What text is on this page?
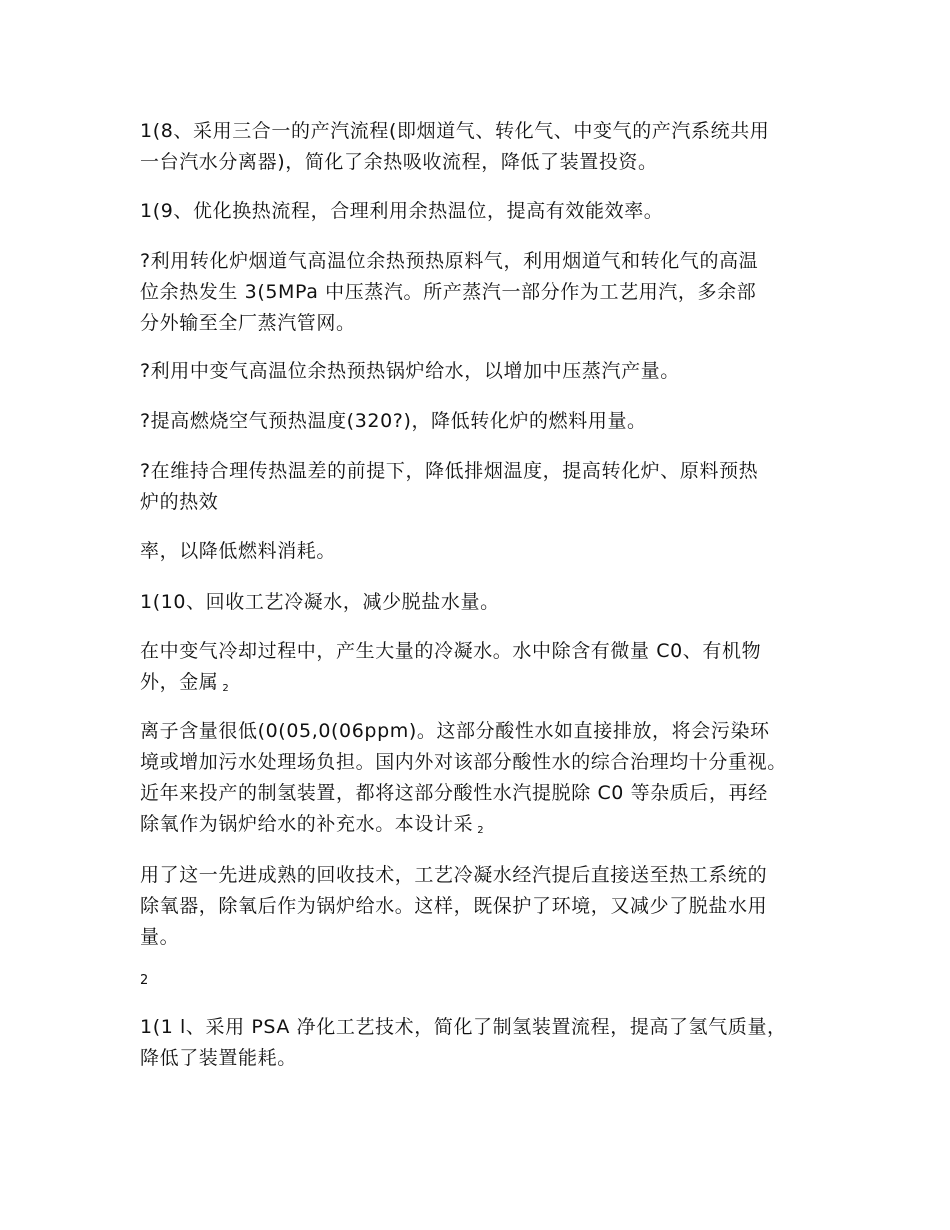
1(8、采用三合一的产汽流程(即烟道气、转化气、中变气的产汽系统共用
一台汽水分离器)，简化了余热吸收流程，降低了装置投资。

1(9、优化换热流程，合理利用余热温位，提高有效能效率。

?利用转化炉烟道气高温位余热预热原料气，利用烟道气和转化气的高温
位余热发生 3(5MPa 中压蒸汽。所产蒸汽一部分作为工艺用汽，多余部
分外输至全厂蒸汽管网。

?利用中变气高温位余热预热锅炉给水，以增加中压蒸汽产量。

?提高燃烧空气预热温度(320?)，降低转化炉的燃料用量。

?在维持合理传热温差的前提下，降低排烟温度，提高转化炉、原料预热
炉的热效

率，以降低燃料消耗。

1(10、回收工艺冷凝水，减少脱盐水量。

在中变气冷却过程中，产生大量的冷凝水。水中除含有微量 C0、有机物
外，金属 2

离子含量很低(0(05,0(06ppm)。这部分酸性水如直接排放，将会污染环
境或增加污水处理场负担。国内外对该部分酸性水的综合治理均十分重视。
近年来投产的制氢装置，都将这部分酸性水汽提脱除 C0 等杂质后，再经
除氧作为锅炉给水的补充水。本设计采 2

用了这一先进成熟的回收技术，工艺冷凝水经汽提后直接送至热工系统的
除氧器，除氧后作为锅炉给水。这样，既保护了环境，又减少了脱盐水用
量。

2

1(1 l、采用 PSA 净化工艺技术，简化了制氢装置流程，提高了氢气质量，
降低了装置能耗。
